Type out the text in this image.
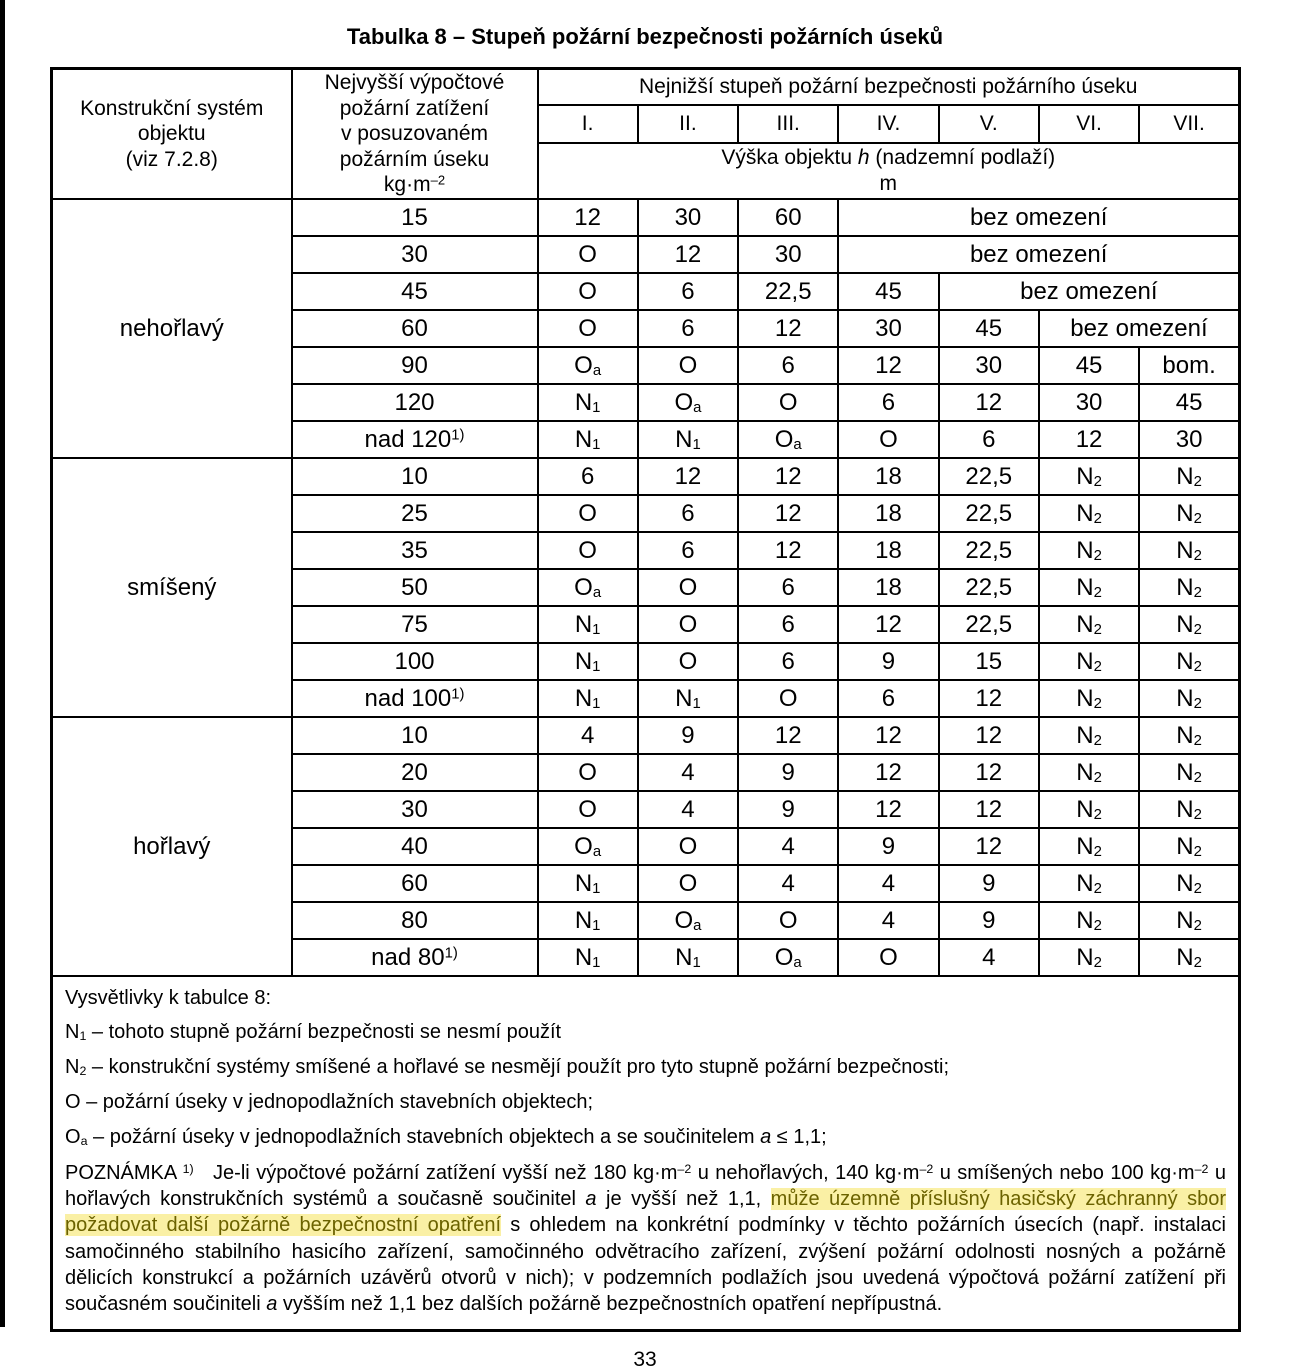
Tabulka 8 – Stupeň požární bezpečnosti požárních úseků

Konstrukční systém
objektu
(viz 7.2.8)	Nejvyšší výpočtové
požární zatížení
v posuzovaném
požárním úseku
$kg\cdot m^{-2}$	Nejnižší stupeň požární bezpečnosti požárního úseku						
		I.	II.	III.	IV.	V.	VI.	VII.

		Výška objektu h (nadzemní podlaží)
m						

nehořlavý	15	12	30	60	bez omezení			
	30	O	12	30	bez omezení			
	45	O	6	22,5	45	bez omezení		
	60	O	6	12	30	45	bez omezení	
	90	$O_a$	O	6	12	30	45	bom.
	120	$N_1$	$O_a$	O	6	12	30	45
	nad 120$^{1)}$	$N_1$	$N_1$	$O_a$	O	6	12	30
smíšený	10	6	12	12	18	22,5	$N_2$	$N_2$
	25	O	6	12	18	22,5	$N_2$	$N_2$
	35	O	6	12	18	22,5	$N_2$	$N_2$
	50	$O_a$	O	6	18	22,5	$N_2$	$N_2$
	75	$N_1$	O	6	12	22,5	$N_2$	$N_2$
	100	$N_1$	O	6	9	15	$N_2$	$N_2$
	nad 100$^{1)}$	$N_1$	$N_1$	O	6	12	$N_2$	$N_2$
hořlavý	10	4	9	12	12	12	$N_2$	$N_2$
	20	O	4	9	12	12	$N_2$	$N_2$
	30	O	4	9	12	12	$N_2$	$N_2$
	40	$O_a$	O	4	9	12	$N_2$	$N_2$
	60	$N_1$	O	4	4	9	$N_2$	$N_2$
	80	$N_1$	$O_a$	O	4	9	$N_2$	$N_2$
	nad 80$^{1)}$	$N_1$	$N_1$	$O_a$	O	4	$N_2$	$N_2$

Vysvětlivky k tabulce 8:

$N_1$ – tohoto stupně požární bezpečnosti se nesmí použít

$N_2$ – konstrukční systémy smíšené a hořlavé se nesmějí použít pro tyto stupně požární bezpečnosti;

O – požární úseky v jednopodlažních stavebních objektech;

$O_a$ – požární úseky v jednopodlažních stavebních objektech a se součinitelem a ≤ 1,1;

POZNÁMKA $^{1)}$   Je-li výpočtové požární zatížení vyšší než 180 $kg\cdot m^{-2}$ u nehořlavých, 140 $kg\cdot m^{-2}$ u smíšených nebo 100 $kg\cdot m^{-2}$ u hořlavých konstrukčních systémů a současně součinitel a je vyšší než 1,1, může územně příslušný hasičský záchranný sbor požadovat další požárně bezpečnostní opatření s ohledem na konkrétní podmínky v těchto požárních úsecích (např. instalaci samočinného stabilního hasicího zařízení, samočinného odvětracího zařízení, zvýšení požární odolnosti nosných a požárně dělicích konstrukcí a požárních uzávěrů otvorů v nich); v podzemních podlažích jsou uvedená výpočtová požární zatížení při současném součiniteli a vyšším než 1,1 bez dalších požárně bezpečnostních opatření nepřípustná.

33
